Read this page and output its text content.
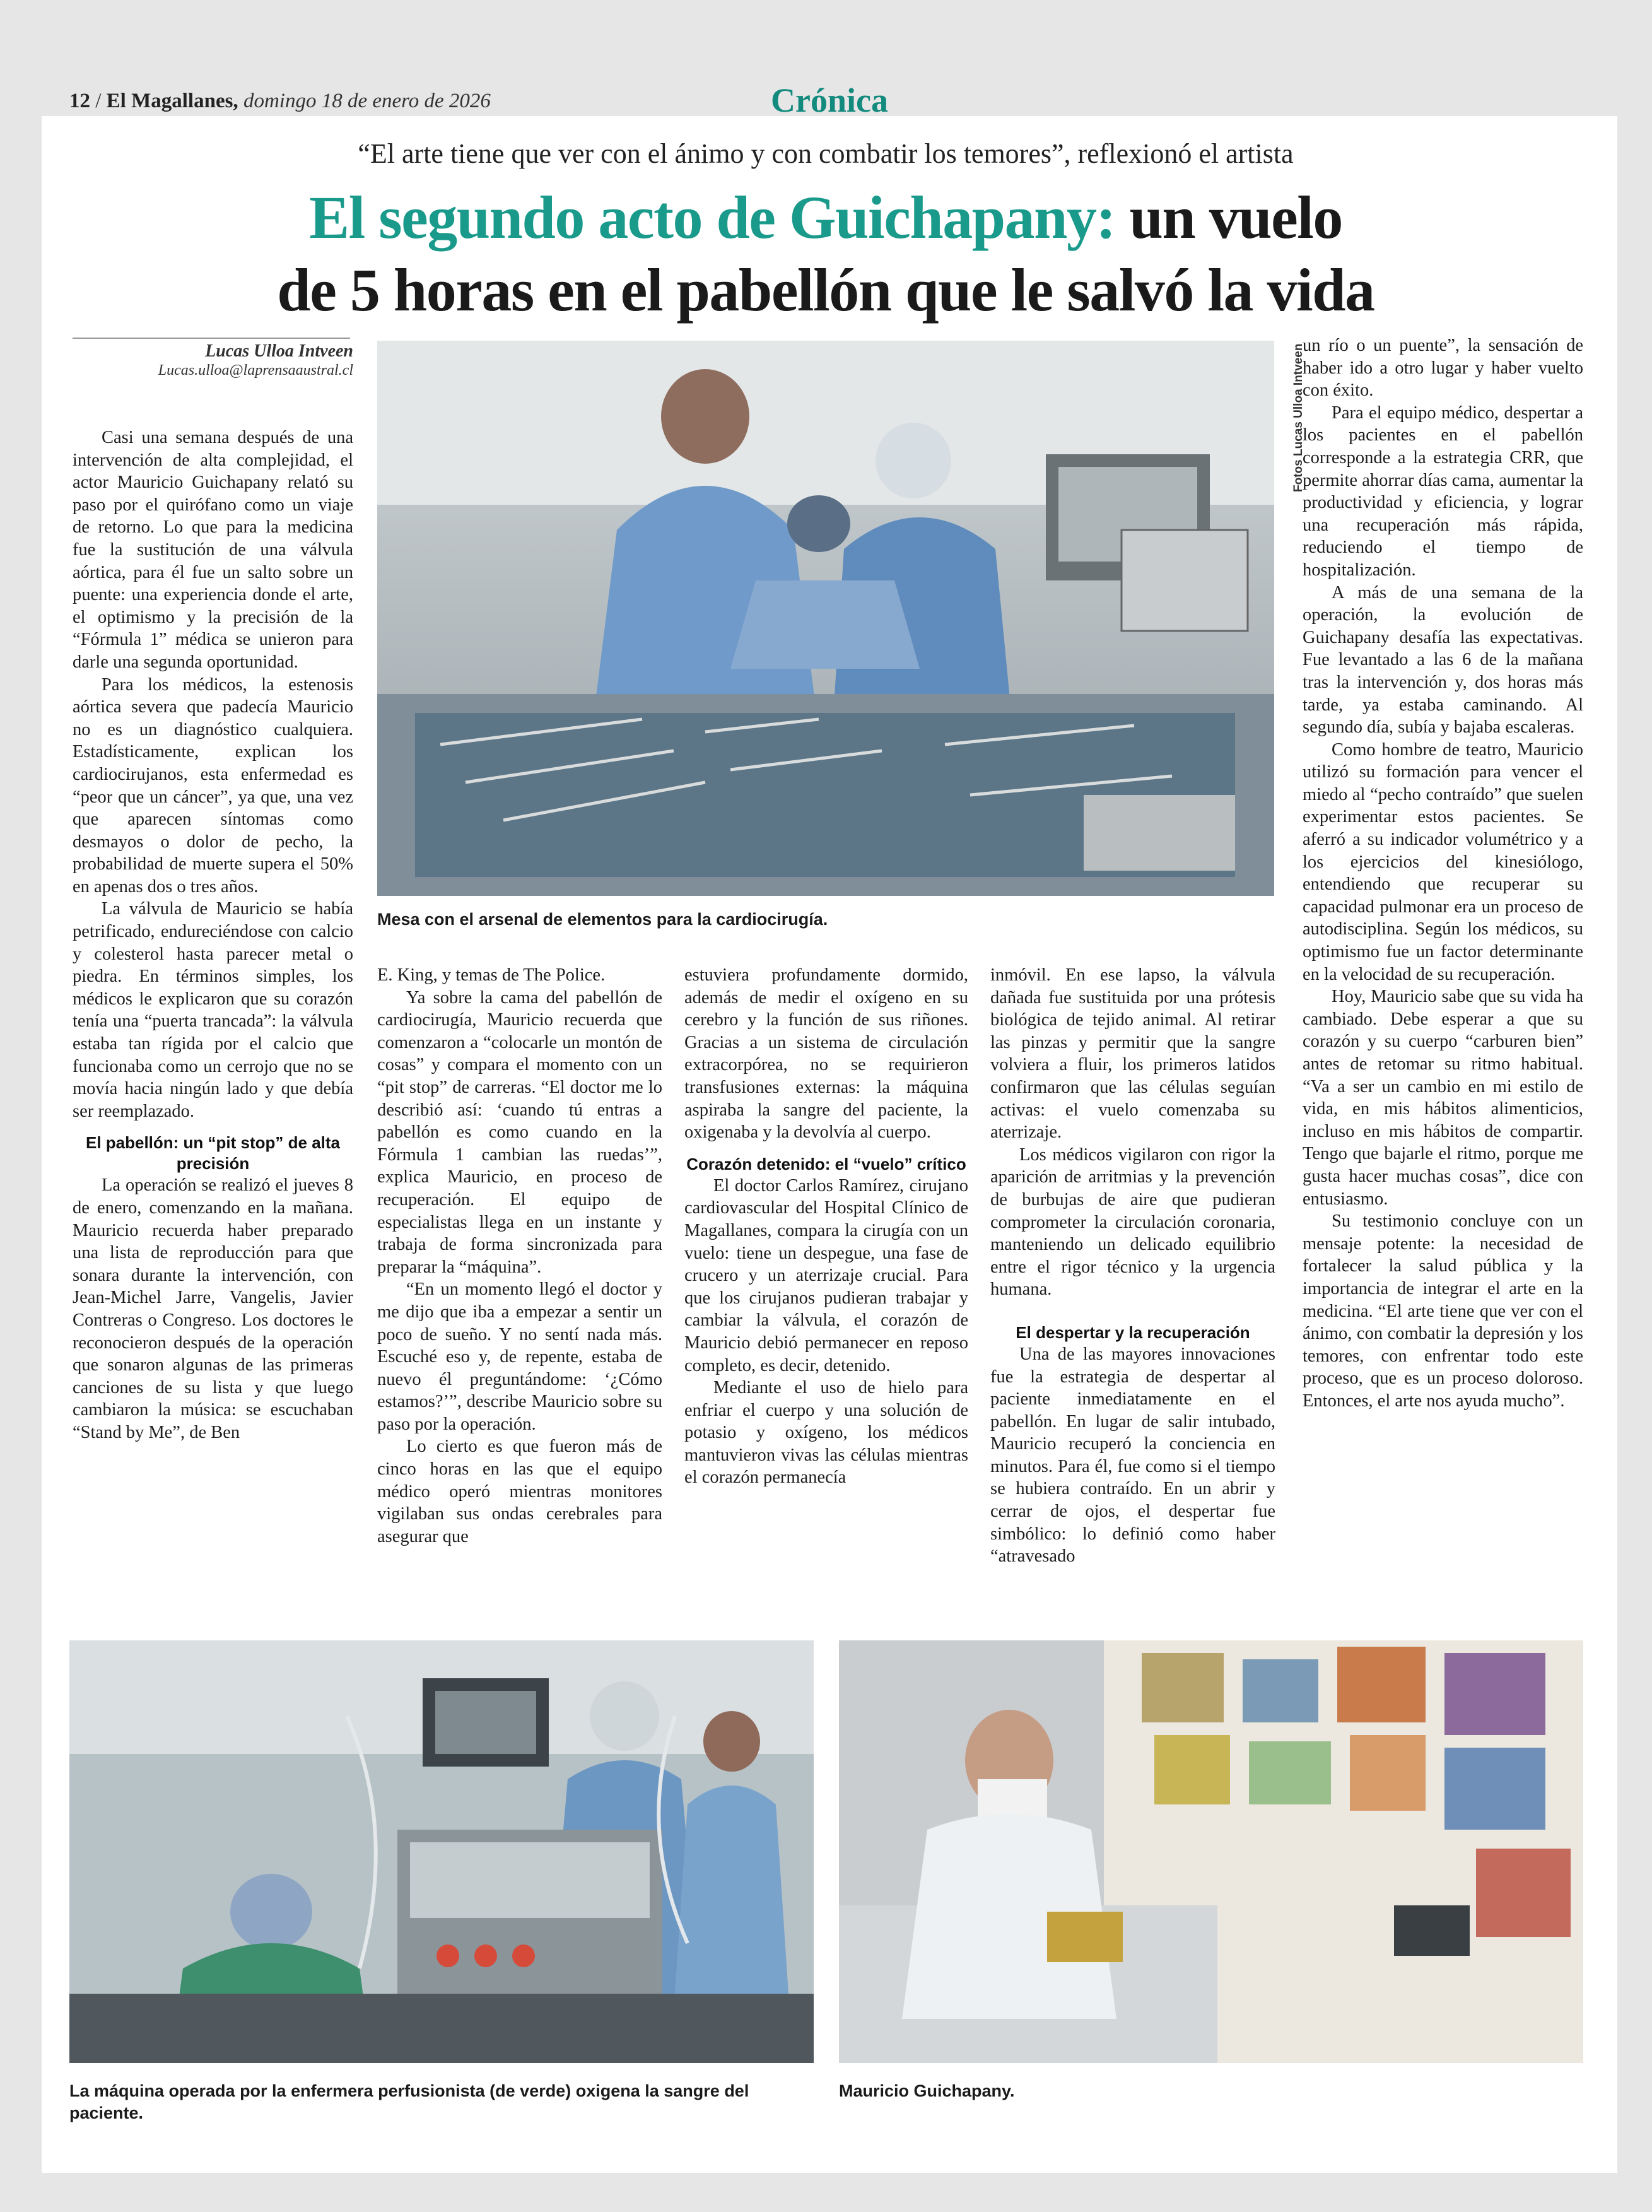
12 / El Magallanes, domingo 18 de enero de 2026	Crónica
“El arte tiene que ver con el ánimo y con combatir los temores”, reflexionó el artista
El segundo acto de Guichapany: un vuelo
de 5 horas en el pabellón que le salvó la vida
Lucas Ulloa Intveen
Lucas.ulloa@laprensaaustral.cl	Fotos Lucas Ulloa Intveen
Mesa con el arsenal de elementos para la cardiocirugía.

Casi una semana después de una intervención de alta complejidad, el actor Mauricio Guichapany relató su paso por el quirófano como un viaje de retorno. Lo que para la medicina fue la sustitución de una válvula aórtica, para él fue un salto sobre un puente: una experiencia donde el arte, el optimismo y la precisión de la “Fórmula 1” médica se unieron para darle una segunda oportunidad.

Para los médicos, la estenosis aórtica severa que padecía Mauricio no es un diagnóstico cualquiera. Estadísticamente, explican los cardiocirujanos, esta enfermedad es “peor que un cáncer”, ya que, una vez que aparecen síntomas como desmayos o dolor de pecho, la probabilidad de muerte supera el 50% en apenas dos o tres años.

La válvula de Mauricio se había petrificado, endureciéndose con calcio y colesterol hasta parecer metal o piedra. En términos simples, los médicos le explicaron que su corazón tenía una “puerta trancada”: la válvula estaba tan rígida por el calcio que funcionaba como un cerrojo que no se movía hacia ningún lado y que debía ser reemplazado.

El pabellón: un “pit stop” de alta precisión

La operación se realizó el jueves 8 de enero, comenzando en la mañana. Mauricio recuerda haber preparado una lista de reproducción para que sonara durante la intervención, con Jean-Michel Jarre, Vangelis, Javier Contreras o Congreso. Los doctores le reconocieron después de la operación que sonaron algunas de las primeras canciones de su lista y que luego cambiaron la música: se escuchaban “Stand by Me”, de Ben

E. King, y temas de The Police.

Ya sobre la cama del pabellón de cardiocirugía, Mauricio recuerda que comenzaron a “colocarle un montón de cosas” y compara el momento con un “pit stop” de carreras. “El doctor me lo describió así: ‘cuando tú entras a pabellón es como cuando en la Fórmula 1 cambian las ruedas’”, explica Mauricio, en proceso de recuperación. El equipo de especialistas llega en un instante y trabaja de forma sincronizada para preparar la “máquina”.

“En un momento llegó el doctor y me dijo que iba a empezar a sentir un poco de sueño. Y no sentí nada más. Escuché eso y, de repente, estaba de nuevo él preguntándome: ‘¿Cómo estamos?’”, describe Mauricio sobre su paso por la operación.

Lo cierto es que fueron más de cinco horas en las que el equipo médico operó mientras monitores vigilaban sus ondas cerebrales para asegurar que

estuviera profundamente dormido, además de medir el oxígeno en su cerebro y la función de sus riñones. Gracias a un sistema de circulación extracorpórea, no se requirieron transfusiones externas: la máquina aspiraba la sangre del paciente, la oxigenaba y la devolvía al cuerpo.

Corazón detenido: el “vuelo” crítico

El doctor Carlos Ramírez, cirujano cardiovascular del Hospital Clínico de Magallanes, compara la cirugía con un vuelo: tiene un despegue, una fase de crucero y un aterrizaje crucial. Para que los cirujanos pudieran trabajar y cambiar la válvula, el corazón de Mauricio debió permanecer en reposo completo, es decir, detenido.

Mediante el uso de hielo para enfriar el cuerpo y una solución de potasio y oxígeno, los médicos mantuvieron vivas las células mientras el corazón permanecía

inmóvil. En ese lapso, la válvula dañada fue sustituida por una prótesis biológica de tejido animal. Al retirar las pinzas y permitir que la sangre volviera a fluir, los primeros latidos confirmaron que las células seguían activas: el vuelo comenzaba su aterrizaje.

Los médicos vigilaron con rigor la aparición de arritmias y la prevención de burbujas de aire que pudieran comprometer la circulación coronaria, manteniendo un delicado equilibrio entre el rigor técnico y la urgencia humana.

El despertar y la recuperación

Una de las mayores innovaciones fue la estrategia de despertar al paciente inmediatamente en el pabellón. En lugar de salir intubado, Mauricio recuperó la conciencia en minutos. Para él, fue como si el tiempo se hubiera contraído. En un abrir y cerrar de ojos, el despertar fue simbólico: lo definió como haber “atravesado

un río o un puente”, la sensación de haber ido a otro lugar y haber vuelto con éxito.

Para el equipo médico, despertar a los pacientes en el pabellón corresponde a la estrategia CRR, que permite ahorrar días cama, aumentar la productividad y eficiencia, y lograr una recuperación más rápida, reduciendo el tiempo de hospitalización.

A más de una semana de la operación, la evolución de Guichapany desafía las expectativas. Fue levantado a las 6 de la mañana tras la intervención y, dos horas más tarde, ya estaba caminando. Al segundo día, subía y bajaba escaleras.

Como hombre de teatro, Mauricio utilizó su formación para vencer el miedo al “pecho contraído” que suelen experimentar estos pacientes. Se aferró a su indicador volumétrico y a los ejercicios del kinesiólogo, entendiendo que recuperar su capacidad pulmonar era un proceso de autodisciplina. Según los médicos, su optimismo fue un factor determinante en la velocidad de su recuperación.

Hoy, Mauricio sabe que su vida ha cambiado. Debe esperar a que su corazón y su cuerpo “carburen bien” antes de retomar su ritmo habitual. “Va a ser un cambio en mi estilo de vida, en mis hábitos alimenticios, incluso en mis hábitos de compartir. Tengo que bajarle el ritmo, porque me gusta hacer muchas cosas”, dice con entusiasmo.

Su testimonio concluye con un mensaje potente: la necesidad de fortalecer la salud pública y la importancia de integrar el arte en la medicina. “El arte tiene que ver con el ánimo, con combatir la depresión y los temores, con enfrentar todo este proceso, que es un proceso doloroso. Entonces, el arte nos ayuda mucho”.

La máquina operada por la enfermera perfusionista (de verde) oxigena la sangre del paciente.
Mauricio Guichapany.
